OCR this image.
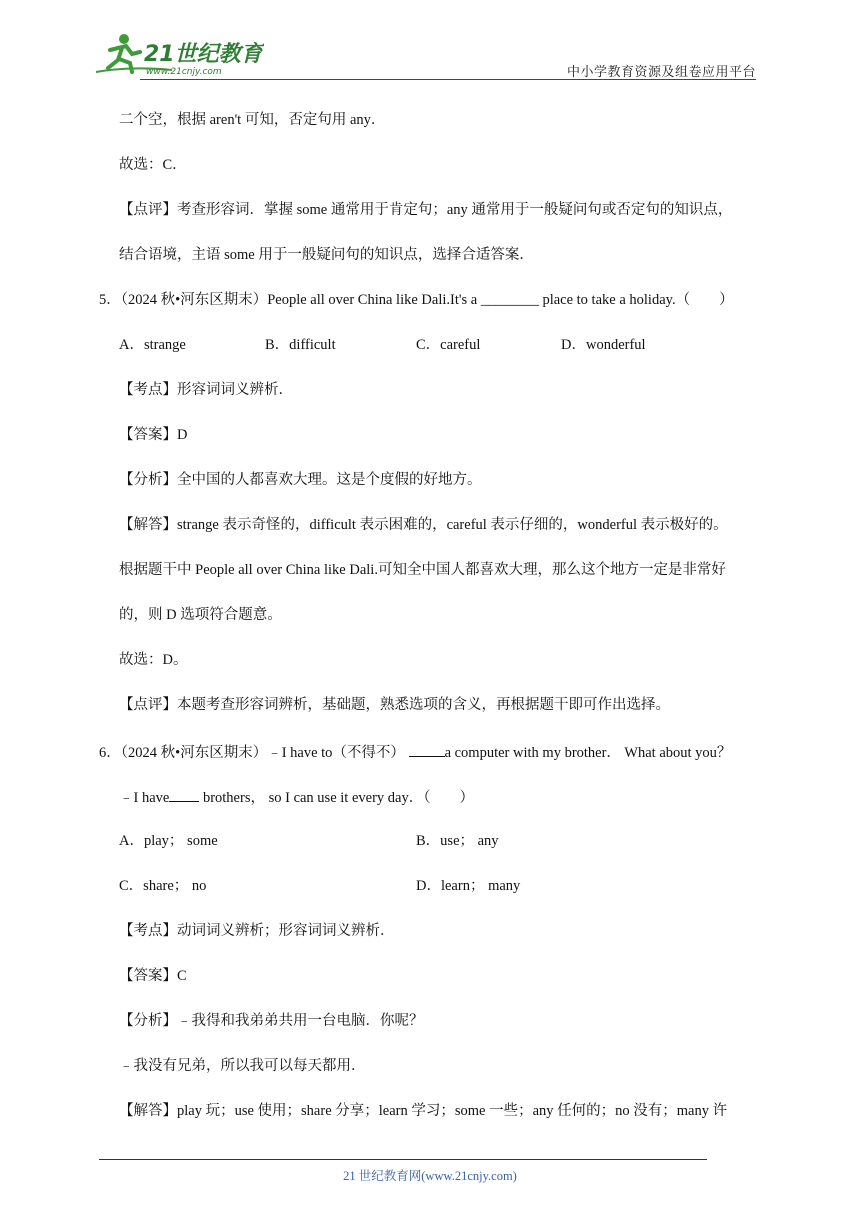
21世纪教育
www.21cnjy.com	中小学教育资源及组卷应用平台
二个空，根据 aren't 可知，否定句用 any．
故选：C．
【点评】考查形容词．掌握 some 通常用于肯定句；any 通常用于一般疑问句或否定句的知识点，
结合语境，主语 some 用于一般疑问句的知识点，选择合适答案．
5．（2024 秋•河东区期末）People all over China like Dali.It's a ________ place to take a holiday.（　　）
A．strange	B．difficult	C．careful	D．wonderful
【考点】形容词词义辨析．
【答案】D
【分析】全中国的人都喜欢大理。这是个度假的好地方。
【解答】strange 表示奇怪的，difficult 表示困难的，careful 表示仔细的，wonderful 表示极好的。
根据题干中 People all over China like Dali.可知全中国人都喜欢大理，那么这个地方一定是非常好
的，则 D 选项符合题意。
故选：D。
【点评】本题考查形容词辨析，基础题，熟悉选项的含义，再根据题干即可作出选择。
6．（2024 秋•河东区期末）﹣I have to（不得不）	a computer with my brother． What about you？
﹣I have brothers， so I can use it every day．（　　）
A．play； some	B．use； any
C．share； no	D．learn； many
【考点】动词词义辨析；形容词词义辨析．
【答案】C
【分析】﹣我得和我弟弟共用一台电脑．你呢？
﹣我没有兄弟，所以我可以每天都用．
【解答】play 玩；use 使用；share 分享；learn 学习；some 一些；any 任何的；no 没有；many 许
21 世纪教育网(www.21cnjy.com)
